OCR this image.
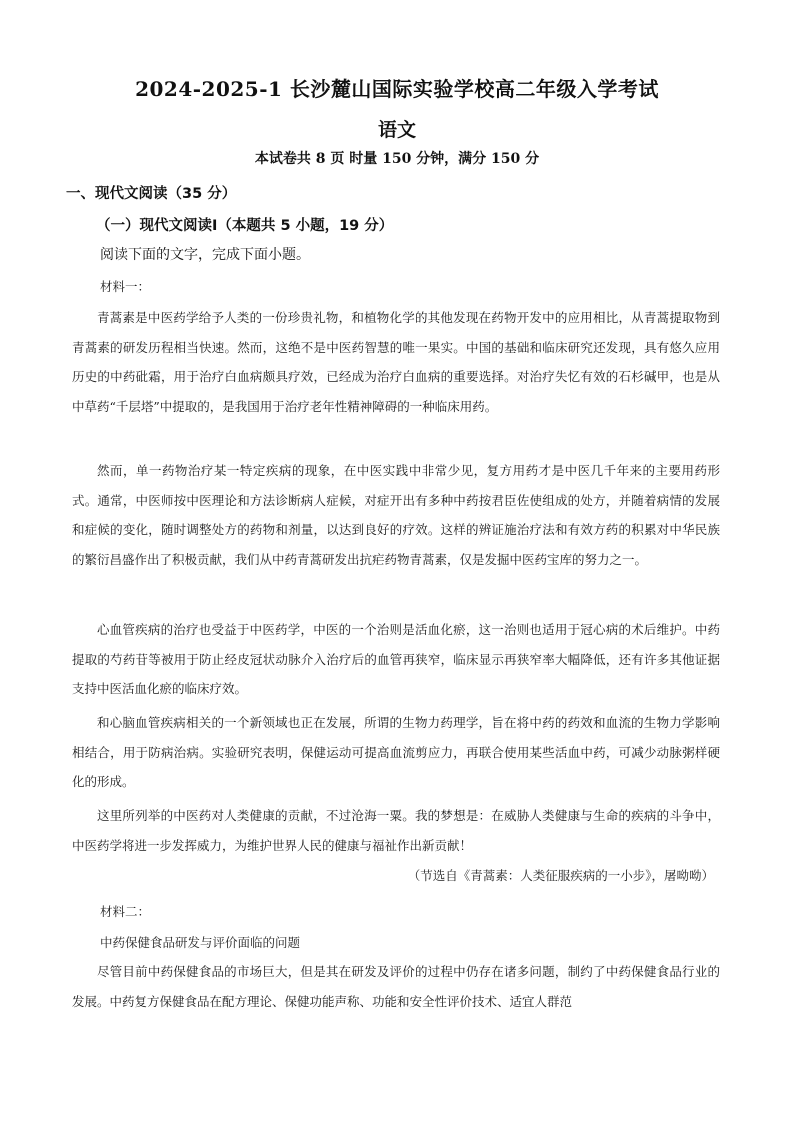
2024-2025-1 长沙麓山国际实验学校高二年级入学考试
语文
本试卷共 8 页 时量 150 分钟，满分 150 分
一、现代文阅读（35 分）
（一）现代文阅读Ⅰ（本题共 5 小题，19 分）
阅读下面的文字，完成下面小题。
材料一：

青蒿素是中医药学给予人类的一份珍贵礼物，和植物化学的其他发现在药物开发中的应用相比，从青蒿提取物到青蒿素的研发历程相当快速。然而，这绝不是中医药智慧的唯一果实。中国的基础和临床研究还发现，具有悠久应用历史的中药砒霜，用于治疗白血病颇具疗效，已经成为治疗白血病的重要选择。对治疗失忆有效的石杉碱甲，也是从中草药“千层塔”中提取的，是我国用于治疗老年性精神障碍的一种临床用药。

然而，单一药物治疗某一特定疾病的现象，在中医实践中非常少见，复方用药才是中医几千年来的主要用药形式。通常，中医师按中医理论和方法诊断病人症候，对症开出有多种中药按君臣佐使组成的处方，并随着病情的发展和症候的变化，随时调整处方的药物和剂量，以达到良好的疗效。这样的辨证施治疗法和有效方药的积累对中华民族的繁衍昌盛作出了积极贡献，我们从中药青蒿研发出抗疟药物青蒿素，仅是发掘中医药宝库的努力之一。

心血管疾病的治疗也受益于中医药学，中医的一个治则是活血化瘀，这一治则也适用于冠心病的术后维护。中药提取的芍药苷等被用于防止经皮冠状动脉介入治疗后的血管再狭窄，临床显示再狭窄率大幅降低，还有许多其他证据支持中医活血化瘀的临床疗效。

和心脑血管疾病相关的一个新领域也正在发展，所谓的生物力药理学，旨在将中药的药效和血流的生物力学影响相结合，用于防病治病。实验研究表明，保健运动可提高血流剪应力，再联合使用某些活血中药，可减少动脉粥样硬化的形成。

这里所列举的中医药对人类健康的贡献，不过沧海一粟。我的梦想是：在威胁人类健康与生命的疾病的斗争中，中医药学将进一步发挥威力，为维护世界人民的健康与福祉作出新贡献！

（节选自《青蒿素：人类征服疾病的一小步》，屠呦呦）
材料二：
中药保健食品研发与评价面临的问题

尽管目前中药保健食品的市场巨大，但是其在研发及评价的过程中仍存在诸多问题，制约了中药保健食品行业的发展。中药复方保健食品在配方理论、保健功能声称、功能和安全性评价技术、适宜人群范
